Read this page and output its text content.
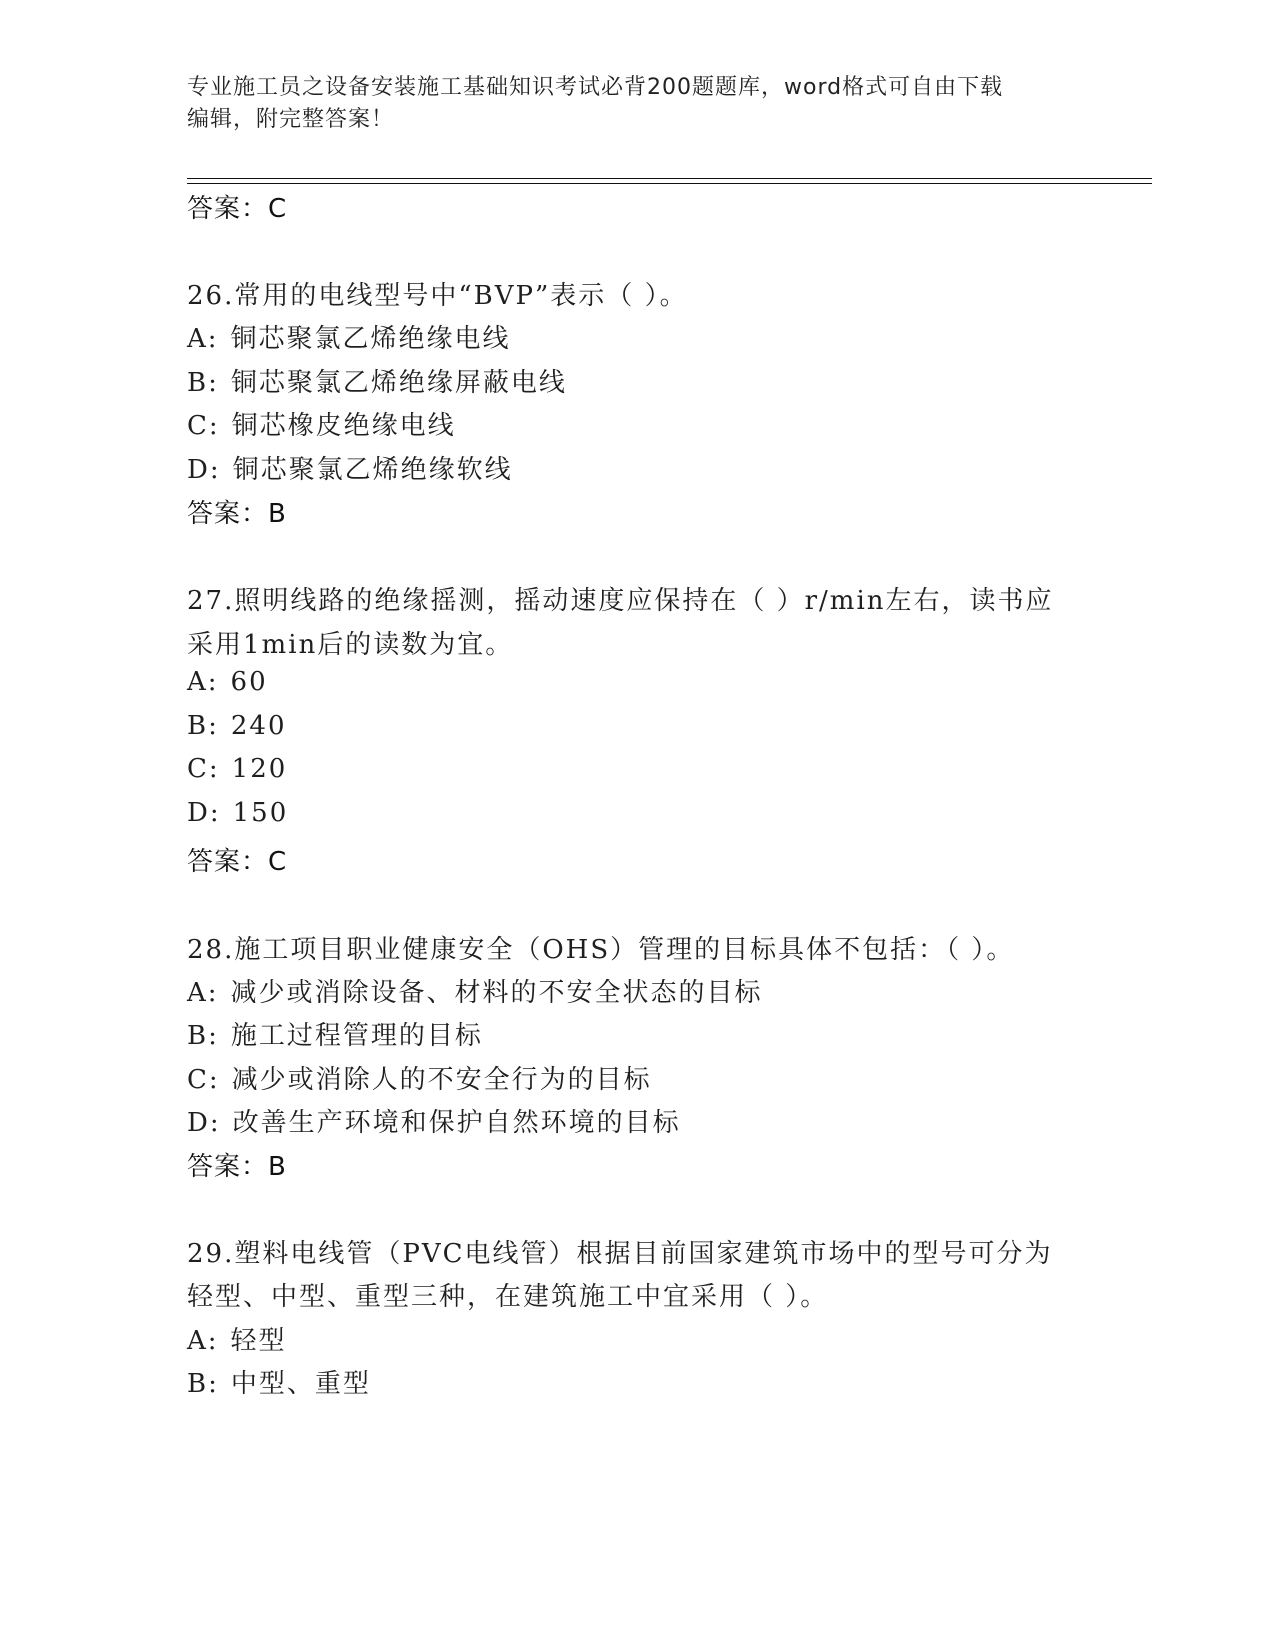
专业施工员之设备安装施工基础知识考试必背200题题库，word格式可自由下载
编辑，附完整答案！
答案：C
26.常用的电线型号中“BVP”表示（ ）。
A: 铜芯聚氯乙烯绝缘电线
B: 铜芯聚氯乙烯绝缘屏蔽电线
C: 铜芯橡皮绝缘电线
D: 铜芯聚氯乙烯绝缘软线
答案：B
27.照明线路的绝缘摇测，摇动速度应保持在（ ）r/min左右，读书应
采用1min后的读数为宜。
A: 60
B: 240
C: 120
D: 150
答案：C
28.施工项目职业健康安全（OHS）管理的目标具体不包括：（ ）。
A: 减少或消除设备、材料的不安全状态的目标
B: 施工过程管理的目标
C: 减少或消除人的不安全行为的目标
D: 改善生产环境和保护自然环境的目标
答案：B
29.塑料电线管（PVC电线管）根据目前国家建筑市场中的型号可分为
轻型、中型、重型三种，在建筑施工中宜采用（ ）。
A: 轻型
B: 中型、重型
